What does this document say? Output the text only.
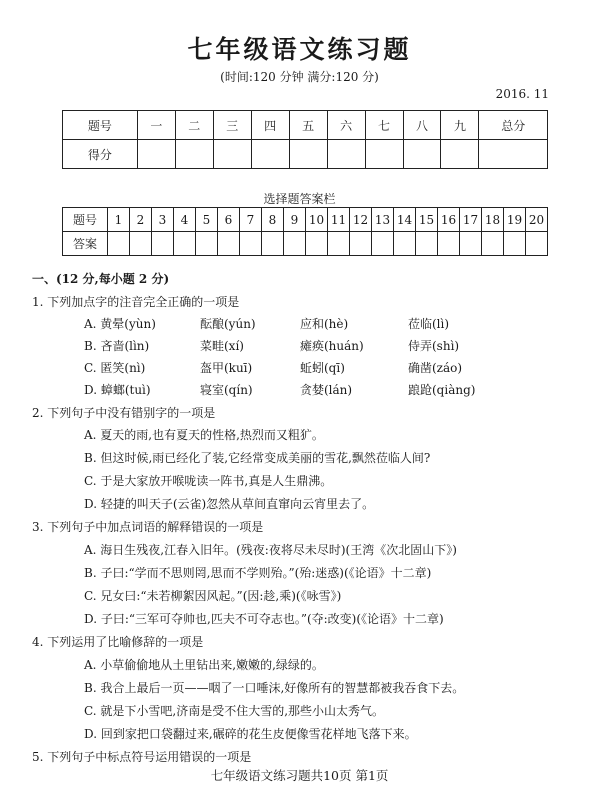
七年级语文练习题
(时间:120 分钟 满分:120 分)
2016. 11
题号	一	二	三	四	五	六	七	八	九	总分
得分										
选择题答案栏
题号	1	2	3	4	5	6	7	8	9	10	11	12	13	14	15	16	17	18	19	20
答案																				
一、(12 分,每小题 2 分)
1. 下列加点字的注音完全正确的一项是
A. 黄晕(yùn)	酝酿(yún)	应和(hè)	莅临(lì)
B. 吝啬(lìn)	菜畦(xí)	瘫痪(huán)	侍弄(shì)
C. 匿笑(nì)	盔甲(kuī)	蚯蚓(qī)	确凿(záo)
D. 蟑螂(tuì)	寝室(qín)	贪婪(lán)	踉跄(qiàng)
2. 下列句子中没有错别字的一项是
A. 夏天的雨,也有夏天的性格,热烈而又粗犷。
B. 但这时候,雨已经化了装,它经常变成美丽的雪花,飘然莅临人间?
C. 于是大家放开喉咙读一阵书,真是人生鼎沸。
D. 轻捷的叫天子(云雀)忽然从草间直窜向云宵里去了。
3. 下列句子中加点词语的解释错误的一项是
A. 海日生残夜,江春入旧年。(残夜:夜将尽未尽时)(王湾《次北固山下》)
B. 子曰:“学而不思则罔,思而不学则殆。”(殆:迷惑)(《论语》十二章)
C. 兄女曰:“未若柳絮因风起。”(因:趁,乘)(《咏雪》)
D. 子曰:“三军可夺帅也,匹夫不可夺志也。”(夺:改变)(《论语》十二章)
4. 下列运用了比喻修辞的一项是
A. 小草偷偷地从土里钻出来,嫩嫩的,绿绿的。
B. 我合上最后一页——咽了一口唾沫,好像所有的智慧都被我吞食下去。
C. 就是下小雪吧,济南是受不住大雪的,那些小山太秀气。
D. 回到家把口袋翻过来,碾碎的花生皮便像雪花样地飞落下来。
5. 下列句子中标点符号运用错误的一项是
七年级语文练习题共10页 第1页
